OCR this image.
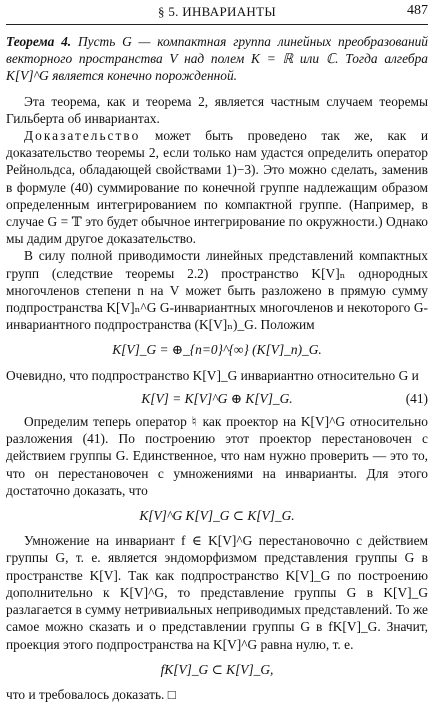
§ 5. ИНВАРИАНТЫ	487

Теорема 4. Пусть G — компактная группа линейных преобразований векторного пространства V над полем K = ℝ или ℂ. Тогда алгебра K[V]^G является конечно порожденной.

Эта теорема, как и теорема 2, является частным случаем теоремы Гильберта об инвариантах.

Доказательство может быть проведено так же, как и доказательство теоремы 2, если только нам удастся определить оператор Рейнольдса, обладающей свойствами 1)−3). Это можно сделать, заменив в формуле (40) суммирование по конечной группе надлежащим образом определенным интегрированием по компактной группе. (Например, в случае G = 𝕋 это будет обычное интегрирование по окружности.) Однако мы дадим другое доказательство.

В силу полной приводимости линейных представлений компактных групп (следствие теоремы 2.2) пространство K[V]ₙ однородных многочленов степени n на V может быть разложено в прямую сумму подпространства K[V]ₙ^G G-инвариантных многочленов и некоторого G-инвариантного подпространства (K[V]ₙ)_G. Положим

K[V]_G = ⊕_{n=0}^{∞} (K[V]_n)_G.

Очевидно, что подпространство K[V]_G инвариантно относительно G и

K[V] = K[V]^G ⊕ K[V]_G.	(41)

Определим теперь оператор ♮ как проектор на K[V]^G относительно разложения (41). По построению этот проектор перестановочен с действием группы G. Единственное, что нам нужно проверить — это то, что он перестановочен с умножениями на инварианты. Для этого достаточно доказать, что

K[V]^G K[V]_G ⊂ K[V]_G.

Умножение на инвариант f ∈ K[V]^G перестановочно с действием группы G, т. е. является эндоморфизмом представления группы G в пространстве K[V]. Так как подпространство K[V]_G по построению дополнительно к K[V]^G, то представление группы G в K[V]_G разлагается в сумму нетривиальных неприводимых представлений. То же самое можно сказать и о представлении группы G в fK[V]_G. Значит, проекция этого подпространства на K[V]^G равна нулю, т. е.

fK[V]_G ⊂ K[V]_G,

что и требовалось доказать. □
